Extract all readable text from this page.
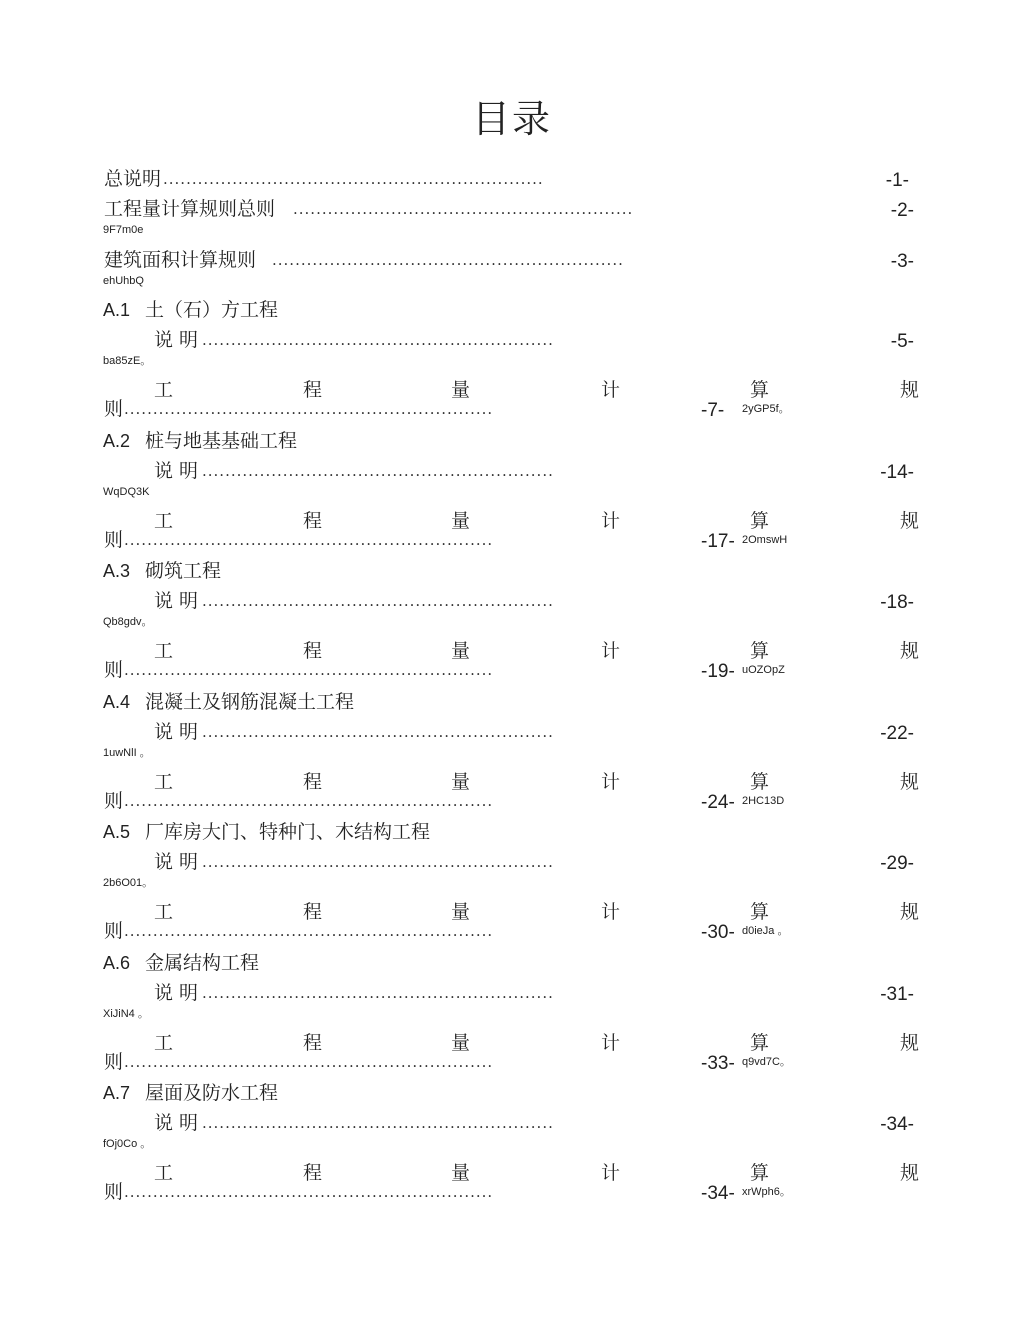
目录
总说明 ..................................................................	-1-
工程量计算规则总则 ...........................................................	-2-
9F7m0e
建筑面积计算规则 .............................................................	-3-
ehUhbQ
A.1 土（石）方工程
说 明 .............................................................	-5-
ba85zE。
工	程	量	计	算	规
则 ................................................................	-7- 2yGP5f。
A.2 桩与地基基础工程
说 明 .............................................................	-14-
WqDQ3K
工	程	量	计	算	规
则 ................................................................	-17- 2OmswH
A.3 砌筑工程
说 明 .............................................................	-18-
Qb8gdv。
工	程	量	计	算	规
则 ................................................................	-19- uOZOpZ
A.4 混凝土及钢筋混凝土工程
说 明 .............................................................	-22-
1uwNlI 。
工	程	量	计	算	规
则 ................................................................	-24- 2HC13D
A.5 厂库房大门、特种门、木结构工程
说 明 .............................................................	-29-
2b6O01。
工	程	量	计	算	规
则 ................................................................	-30- d0ieJa 。
A.6 金属结构工程
说 明 .............................................................	-31-
XiJiN4 。
工	程	量	计	算	规
则 ................................................................	-33- q9vd7C。
A.7 屋面及防水工程
说 明 .............................................................	-34-
fOj0Co 。
工	程	量	计	算	规
则 ................................................................	-34- xrWph6。
